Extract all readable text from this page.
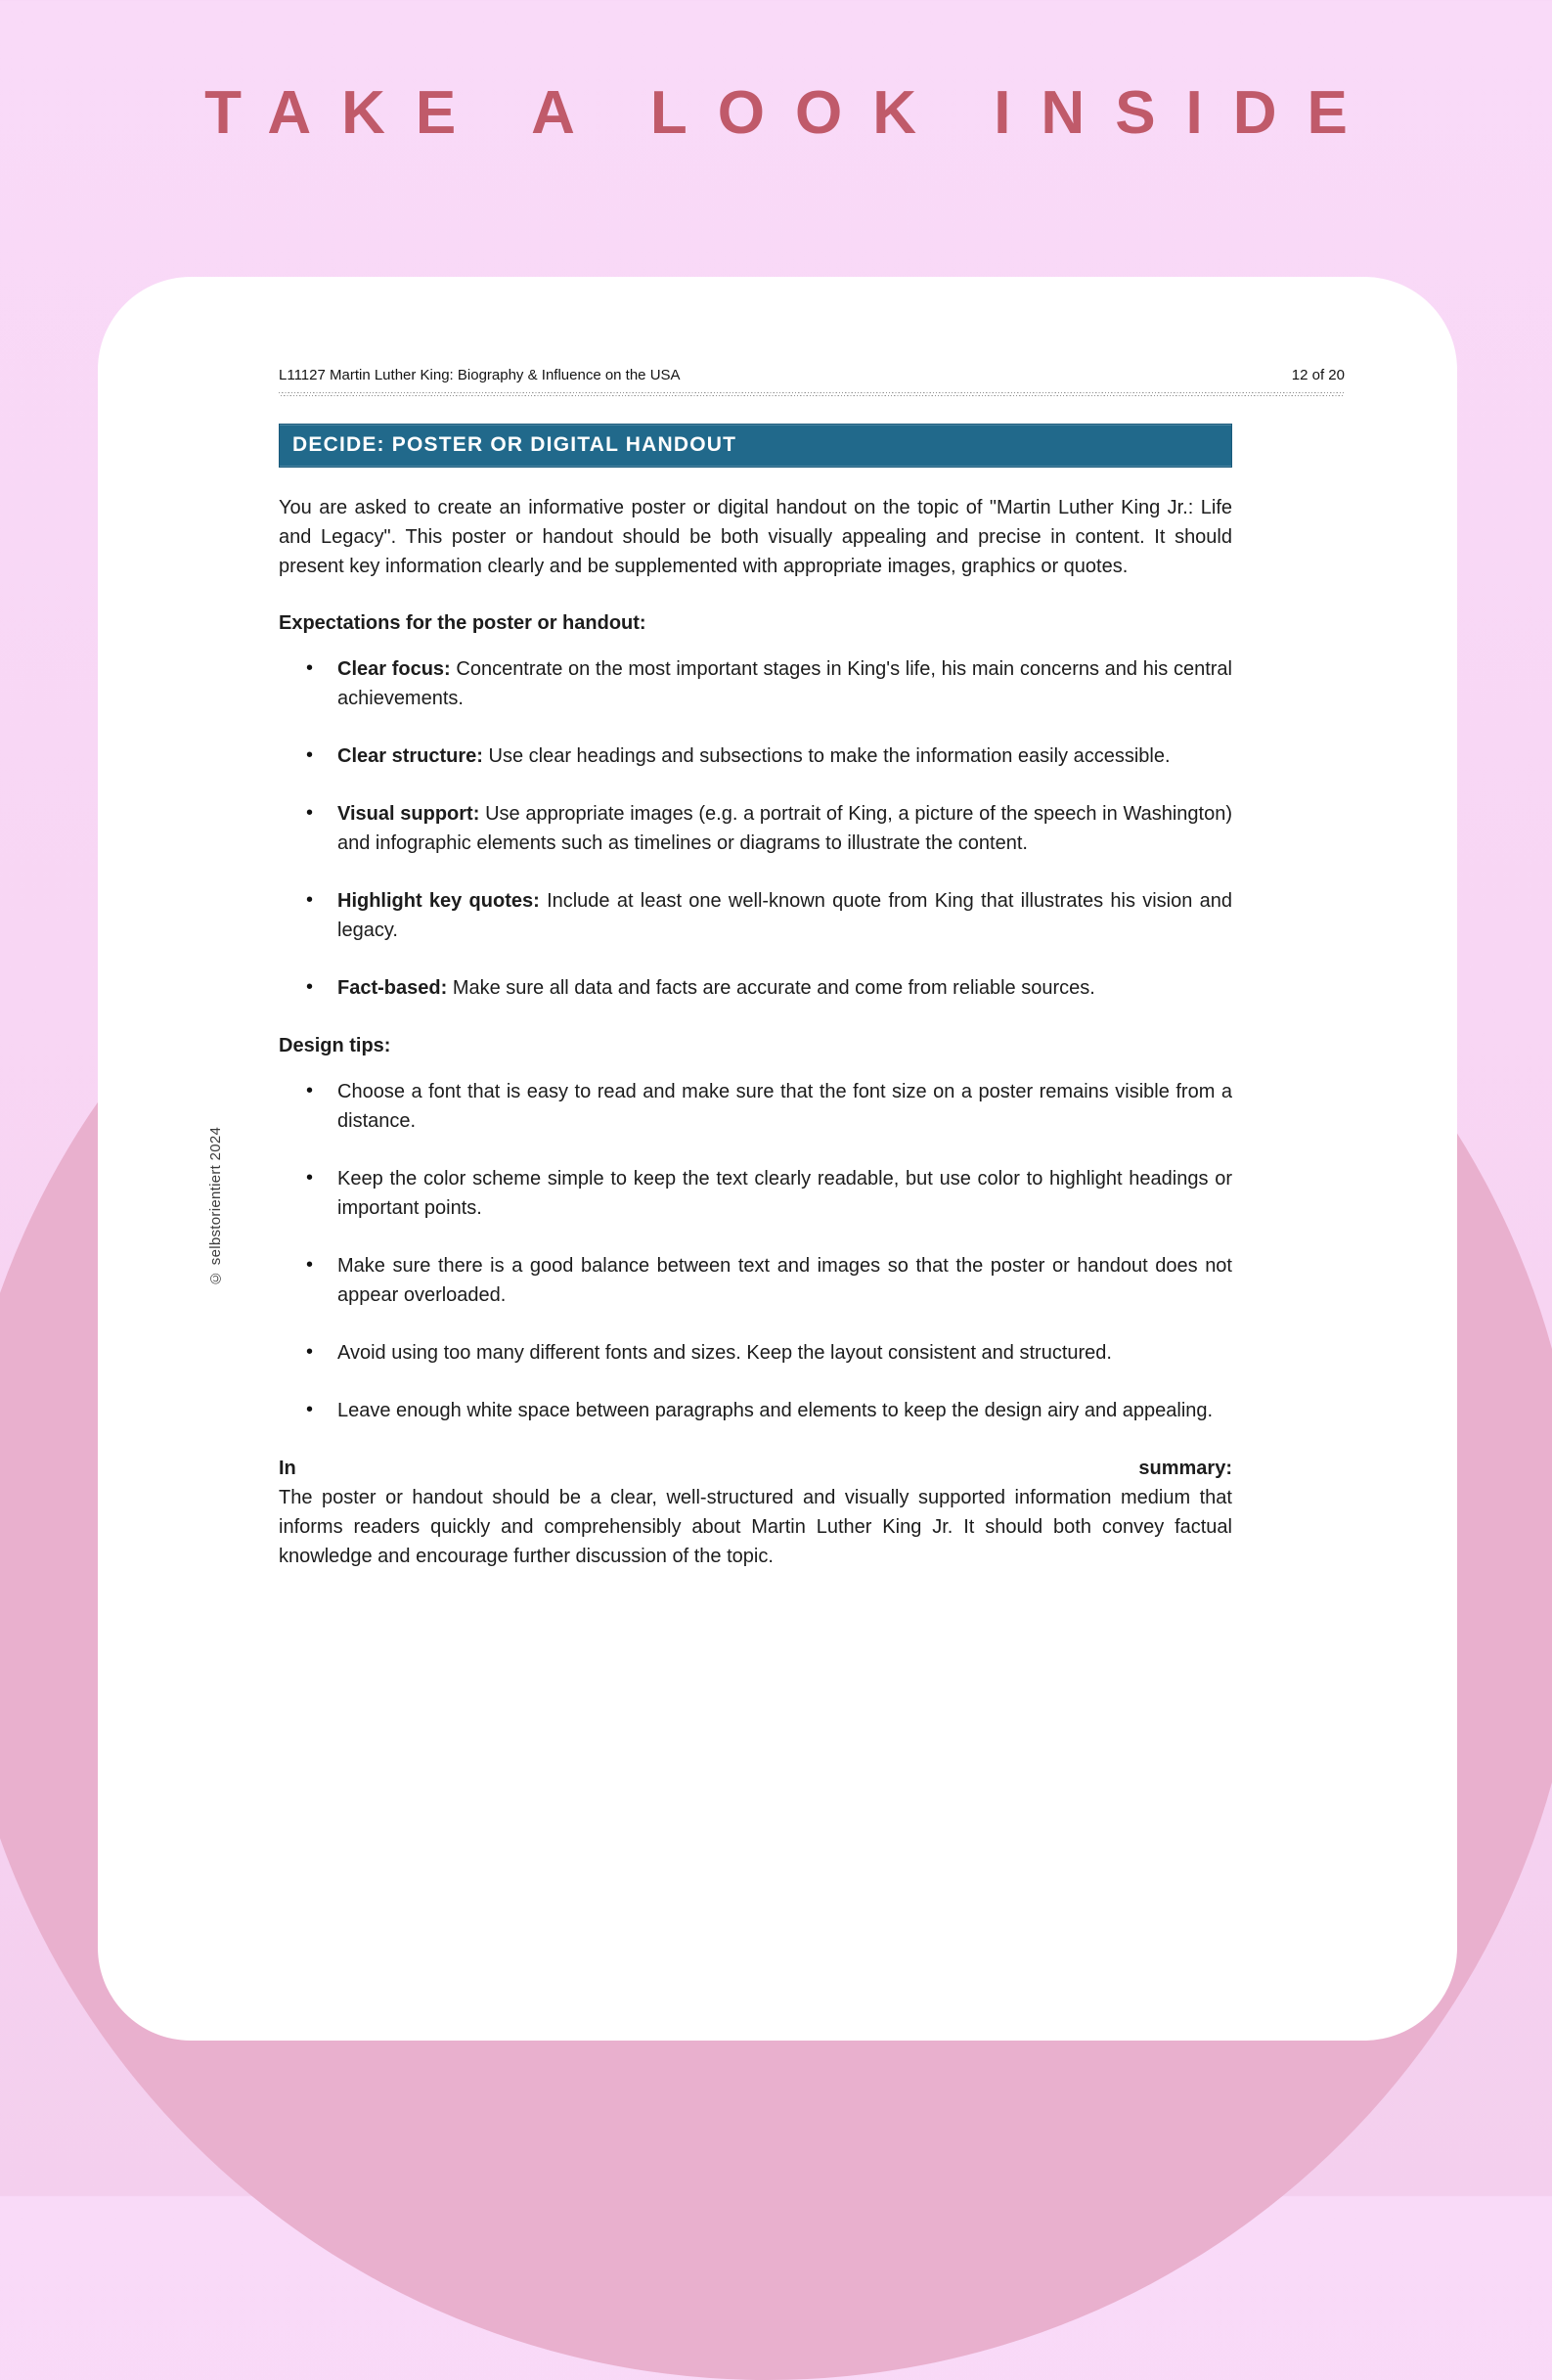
TAKE A LOOK INSIDE
© selbstorientiert 2024
L11127 Martin Luther King: Biography & Influence on the USA	12 of 20
DECIDE: POSTER OR DIGITAL HANDOUT

You are asked to create an informative poster or digital handout on the topic of "Martin Luther King Jr.: Life and Legacy". This poster or handout should be both visually appealing and precise in content. It should present key information clearly and be supplemented with appropriate images, graphics or quotes.

Expectations for the poster or handout:

• Clear focus: Concentrate on the most important stages in King's life, his main concerns and his central achievements.
• Clear structure: Use clear headings and subsections to make the information easily accessible.
• Visual support: Use appropriate images (e.g. a portrait of King, a picture of the speech in Washington) and infographic elements such as timelines or diagrams to illustrate the content.
• Highlight key quotes: Include at least one well-known quote from King that illustrates his vision and legacy.
• Fact-based: Make sure all data and facts are accurate and come from reliable sources.

Design tips:

• Choose a font that is easy to read and make sure that the font size on a poster remains visible from a distance.
• Keep the color scheme simple to keep the text clearly readable, but use color to highlight headings or important points.
• Make sure there is a good balance between text and images so that the poster or handout does not appear overloaded.
• Avoid using too many different fonts and sizes. Keep the layout consistent and structured.
• Leave enough white space between paragraphs and elements to keep the design airy and appealing.
In	summary:

The poster or handout should be a clear, well-structured and visually supported information medium that informs readers quickly and comprehensibly about Martin Luther King Jr. It should both convey factual knowledge and encourage further discussion of the topic.
